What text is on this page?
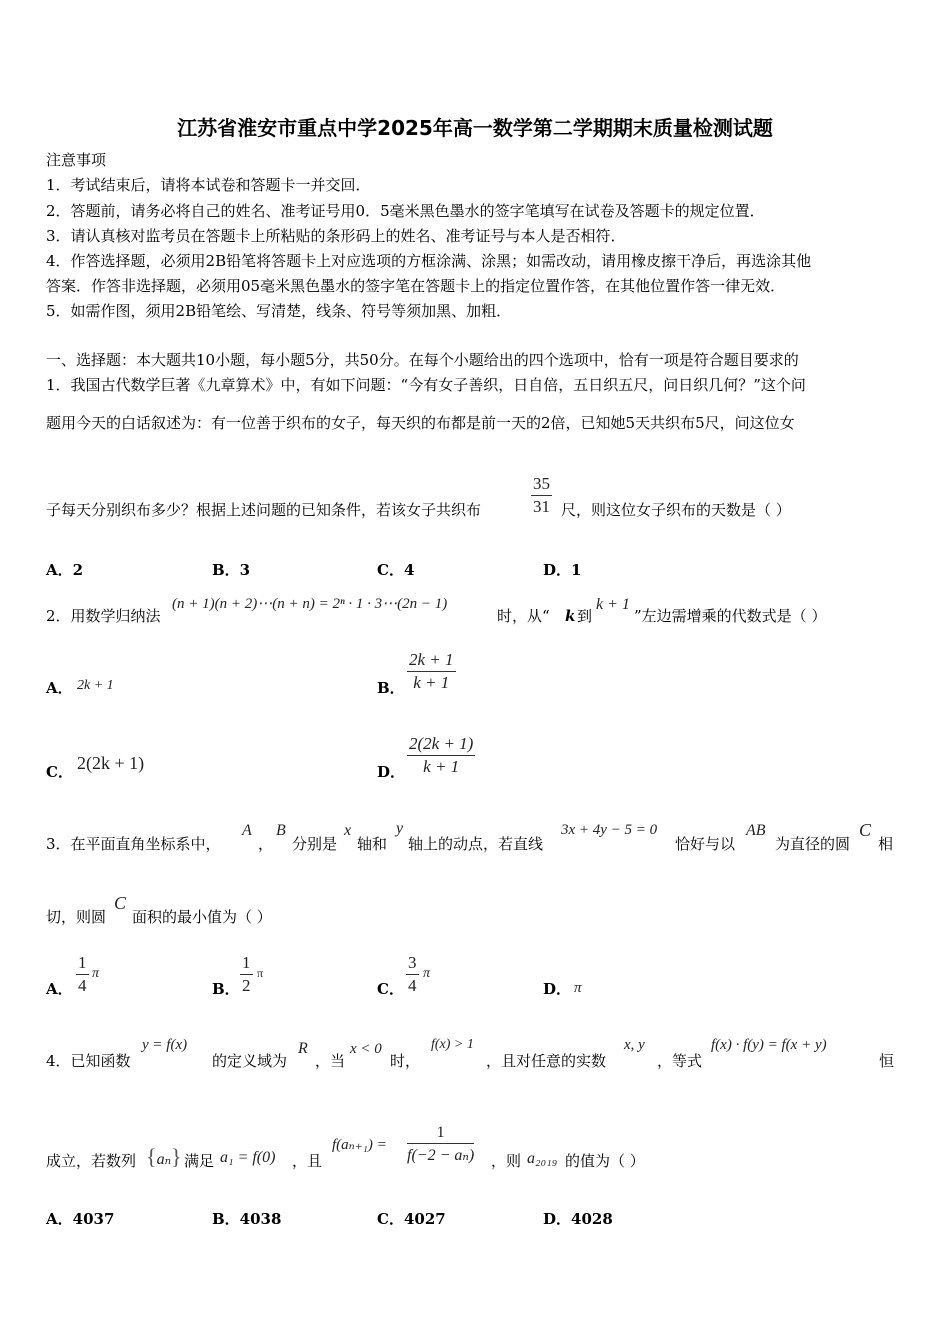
江苏省淮安市重点中学2025年高一数学第二学期期末质量检测试题
注意事项
1．考试结束后，请将本试卷和答题卡一并交回．
2．答题前，请务必将自己的姓名、准考证号用0．5毫米黑色墨水的签字笔填写在试卷及答题卡的规定位置．
3．请认真核对监考员在答题卡上所粘贴的条形码上的姓名、准考证号与本人是否相符．
4．作答选择题，必须用2B铅笔将答题卡上对应选项的方框涂满、涂黑；如需改动，请用橡皮擦干净后，再选涂其他
答案．作答非选择题，必须用05毫米黑色墨水的签字笔在答题卡上的指定位置作答，在其他位置作答一律无效．
5．如需作图，须用2B铅笔绘、写清楚，线条、符号等须加黑、加粗．
一、选择题：本大题共10小题，每小题5分，共50分。在每个小题给出的四个选项中，恰有一项是符合题目要求的
1．我国古代数学巨著《九章算术》中，有如下问题：“今有女子善织，日自倍，五日织五尺，问日织几何？”这个问
题用今天的白话叙述为：有一位善于织布的女子，每天织的布都是前一天的2倍，已知她5天共织布5尺，问这位女
子每天分别织布多少？根据上述问题的已知条件，若该女子共织布	$\frac{35}{31}$ 尺，则这位女子织布的天数是（ ）
A．2	B．3	C．4	D．1
2．用数学归纳法
(n + 1)(n + 2)⋯(n + n) = 2ⁿ · 1 · 3⋯(2n − 1)
时，从“ k 到
k + 1
”左边需增乘的代数式是（ ）
A． 2k + 1	B． $\frac{2k + 1}{k + 1}$
C． 2(2k + 1)	D． $\frac{2(2k + 1)}{k + 1}$
3．在平面直角坐标系中，
A
，
B
分别是
x
轴和
y
轴上的动点，若直线
3x + 4y − 5 = 0
恰好与以
AB
为直径的圆
C
相
切，则圆
C
面积的最小值为（ ）
A． $\frac{1}{4}$ π
B． $\frac{1}{2}$ π
C． $\frac{3}{4}$ π
D． π
4．已知函数
y = f(x)
的定义域为
R
，当
x < 0
时，
f(x) > 1
，且对任意的实数
x, y
，等式
f(x) · f(y) = f(x + y)
恒
成立，若数列 {aₙ} 满足 a₁ = f(0) ，且
$f(a_{n+1}) = \frac{1}{\text{f(−2 − aₙ)}}$ ，则 a₂₀₁₉ 的值为（ ）
A．4037	B．4038	C．4027	D．4028
